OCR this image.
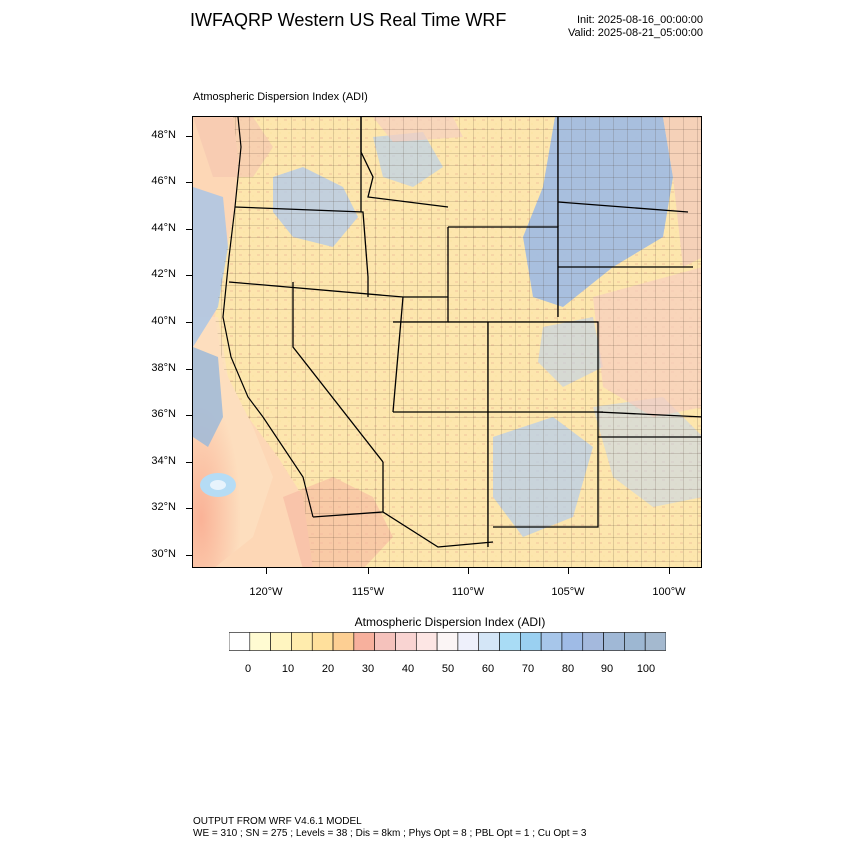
IWFAQRP Western US Real Time WRF	Init: 2025-08-16_00:00:00
Valid: 2025-08-21_05:00:00
Atmospheric Dispersion Index (ADI)
48°N
46°N
44°N
42°N
40°N
38°N
36°N
34°N
32°N
30°N
120°W	115°W	110°W	105°W	100°W
Atmospheric Dispersion Index (ADI)
0	10	20	30	40	50	60	70	80	90	100
OUTPUT FROM WRF V4.6.1 MODEL
WE = 310 ; SN = 275 ; Levels = 38 ; Dis = 8km ; Phys Opt = 8 ; PBL Opt = 1 ; Cu Opt = 3
